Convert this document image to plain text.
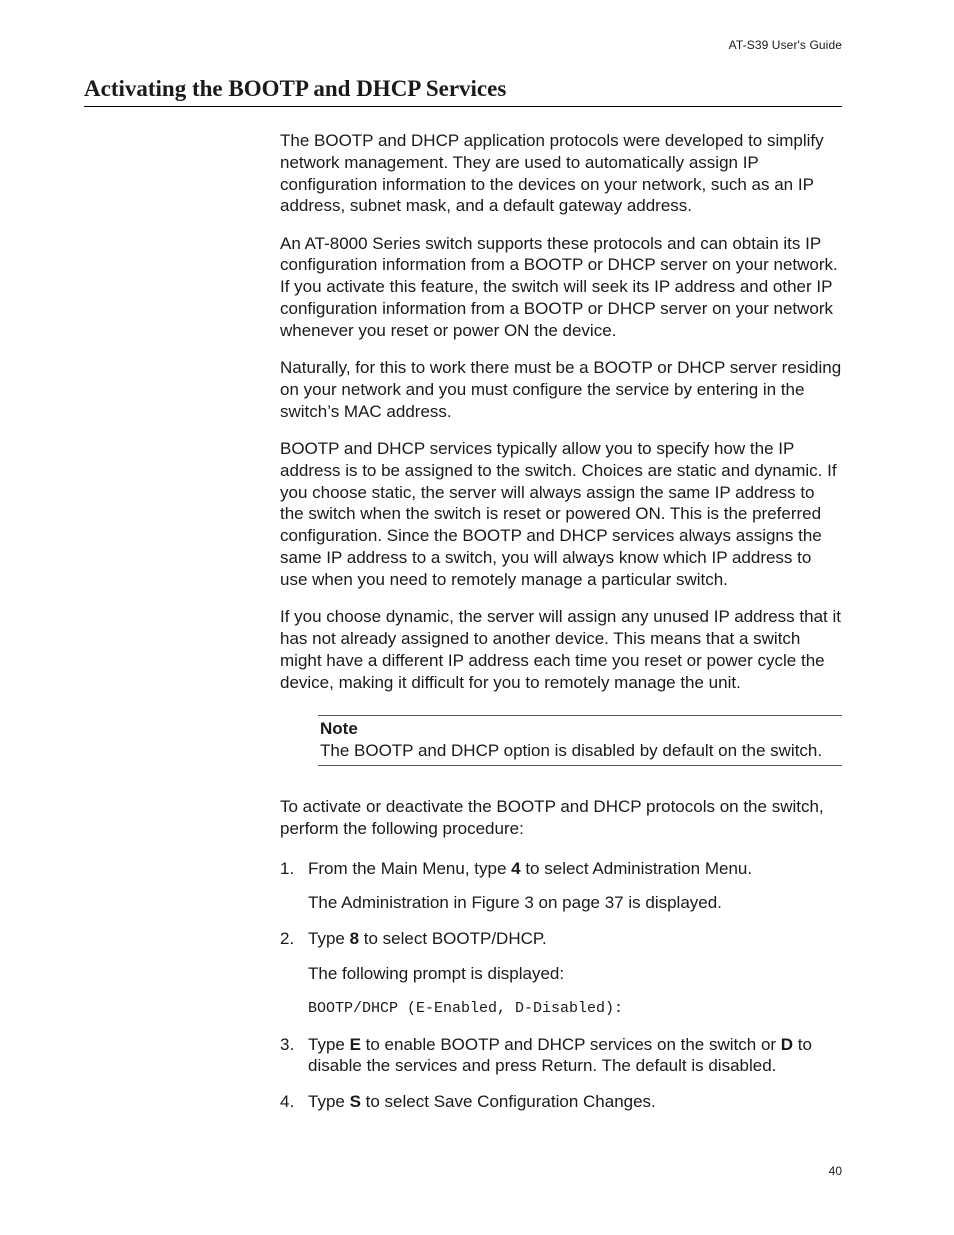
AT-S39 User's Guide
Activating the BOOTP and DHCP Services

The BOOTP and DHCP application protocols were developed to simplify network management. They are used to automatically assign IP configuration information to the devices on your network, such as an IP address, subnet mask, and a default gateway address.

An AT-8000 Series switch supports these protocols and can obtain its IP configuration information from a BOOTP or DHCP server on your network. If you activate this feature, the switch will seek its IP address and other IP configuration information from a BOOTP or DHCP server on your network whenever you reset or power ON the device.

Naturally, for this to work there must be a BOOTP or DHCP server residing on your network and you must configure the service by entering in the switch’s MAC address.

BOOTP and DHCP services typically allow you to specify how the IP address is to be assigned to the switch. Choices are static and dynamic. If you choose static, the server will always assign the same IP address to the switch when the switch is reset or powered ON. This is the preferred configuration. Since the BOOTP and DHCP services always assigns the same IP address to a switch, you will always know which IP address to use when you need to remotely manage a particular switch.

If you choose dynamic, the server will assign any unused IP address that it has not already assigned to another device. This means that a switch might have a different IP address each time you reset or power cycle the device, making it difficult for you to remotely manage the unit.

Note
The BOOTP and DHCP option is disabled by default on the switch.

To activate or deactivate the BOOTP and DHCP protocols on the switch, perform the following procedure:

1. From the Main Menu, type 4 to select Administration Menu.

The Administration in Figure 3 on page 37 is displayed.

2. Type 8 to select BOOTP/DHCP.

The following prompt is displayed:

BOOTP/DHCP (E-Enabled, D-Disabled):

3. Type E to enable BOOTP and DHCP services on the switch or D to disable the services and press Return. The default is disabled.
4. Type S to select Save Configuration Changes.
40
